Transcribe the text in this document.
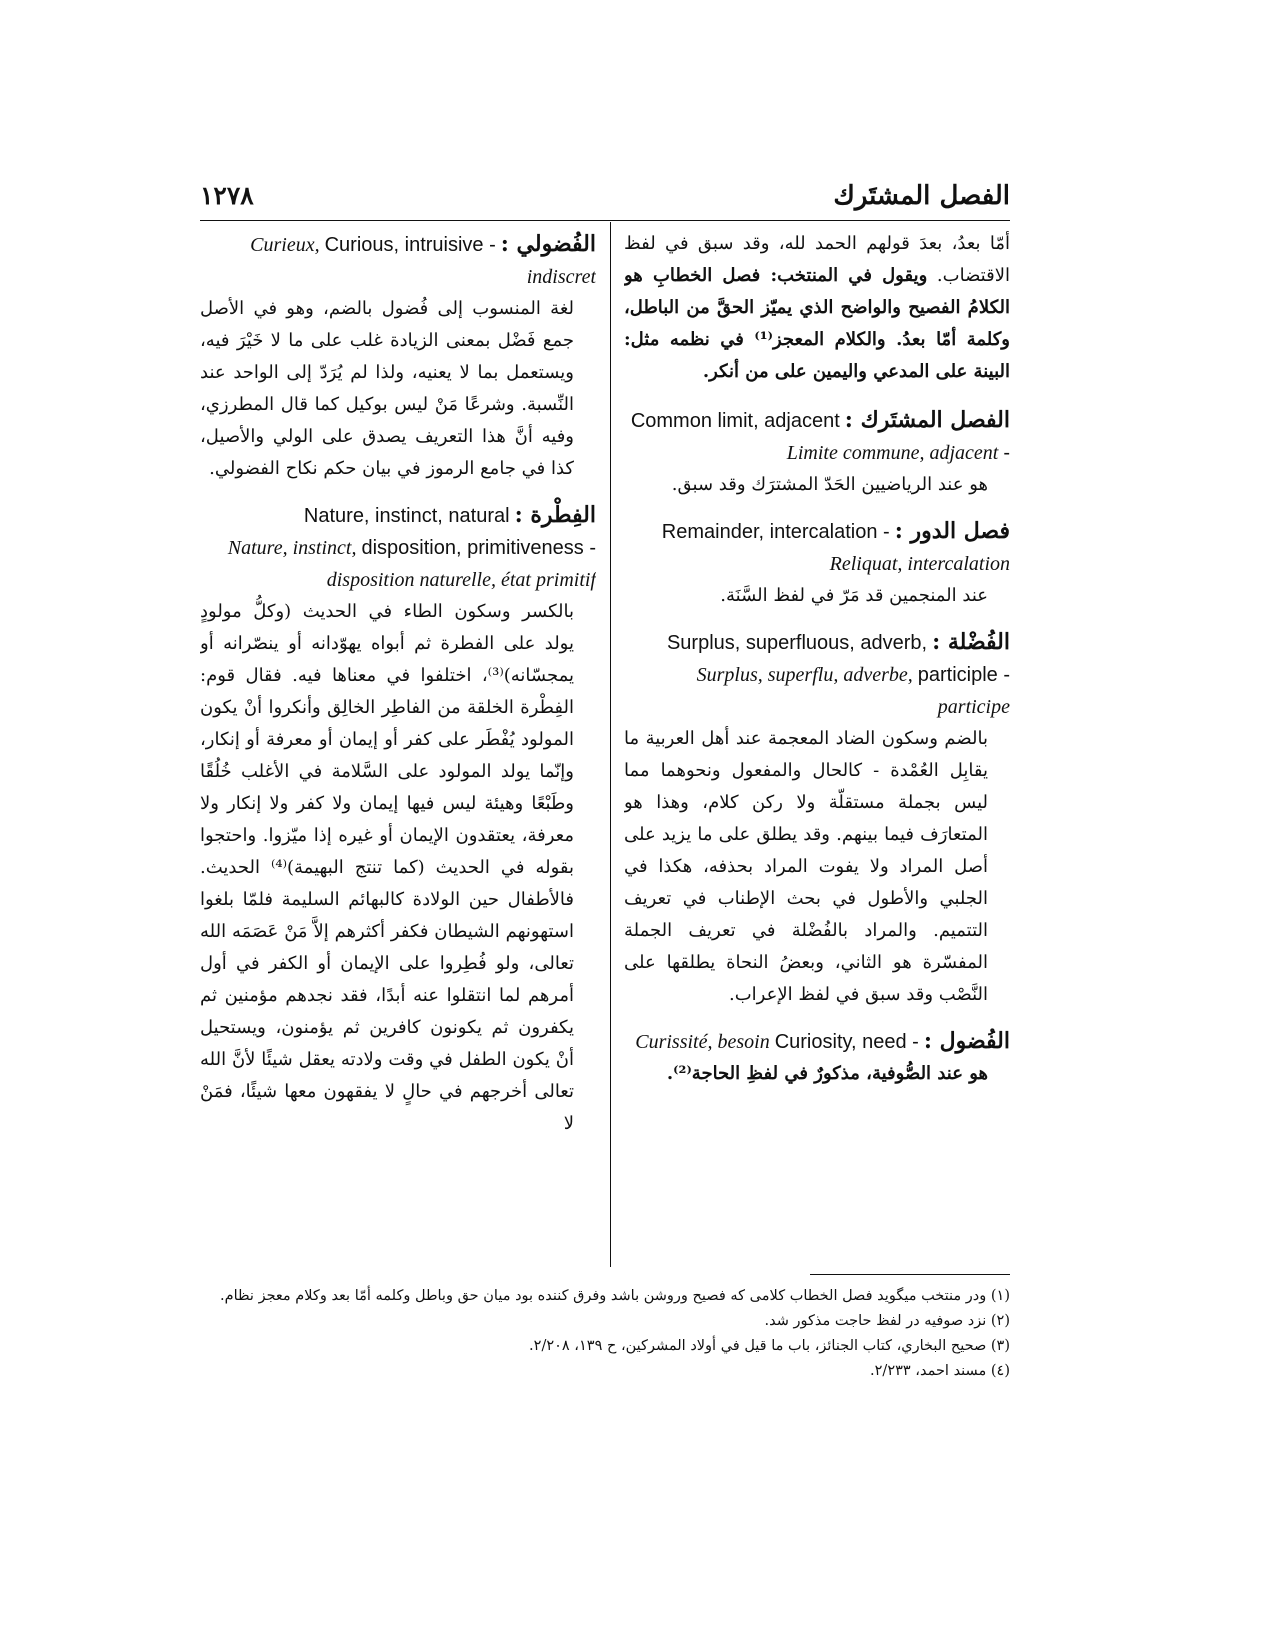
الفصل المشتَرك
١٢٧٨
أمّا بعدُ، بعدَ قولهم الحمد لله، وقد سبق في لفظ الاقتضاب. ويقول في المنتخب: فصل الخطابِ هو الكلامُ الفصيح والواضح الذي يميّز الحقَّ من الباطل، وكلمة أمّا بعدُ. والكلام المعجز⁽¹⁾ في نظمه مثل: البينة على المدعي واليمين على من أنكر.
الفصل المشتَرك : Common limit, adjacent - Limite commune, adjacent
هو عند الرياضيين الحَدّ المشترَك وقد سبق.
فصل الدور : Remainder, intercalation - Reliquat, intercalation
عند المنجمين قد مَرّ في لفظ السَّنَة.
الفُضْلة : Surplus, superfluous, adverb, participle - Surplus, superflu, adverbe, participe
بالضم وسكون الضاد المعجمة عند أهل العربية ما يقابِل العُمْدة - كالحال والمفعول ونحوهما مما ليس بجملة مستقلّة ولا ركن كلام، وهذا هو المتعارَف فيما بينهم. وقد يطلق على ما يزيد على أصل المراد ولا يفوت المراد بحذفه، هكذا في الجلبي والأطول في بحث الإطناب في تعريف التتميم. والمراد بالفُضْلة في تعريف الجملة المفسّرة هو الثاني، وبعضُ النحاة يطلقها على النَّصْب وقد سبق في لفظ الإعراب.
الفُضول : Curiosity, need - Curissité, besoin
هو عند الصُّوفية، مذكورٌ في لفظِ الحاجة⁽²⁾.
الفُضولي : Curious, intruisive - Curieux, indiscret
لغة المنسوب إلى فُضول بالضم، وهو في الأصل جمع فَضْل بمعنى الزيادة غلب على ما لا خَيْرَ فيه، ويستعمل بما لا يعنيه، ولذا لم يُرَدّ إلى الواحد عند النِّسبة. وشرعًا مَنْ ليس بوكيل كما قال المطرزي، وفيه أنَّ هذا التعريف يصدق على الولي والأصيل، كذا في جامع الرموز في بيان حكم نكاح الفضولي.
الفِطْرة : Nature, instinct, natural disposition, primitiveness - Nature, instinct, disposition naturelle, état primitif
بالكسر وسكون الطاء في الحديث (وكلُّ مولودٍ يولد على الفطرة ثم أبواه يهوّدانه أو ينصّرانه أو يمجسّانه)⁽³⁾، اختلفوا في معناها فيه. فقال قوم: الفِطْرة الخلقة من الفاطِر الخالِق وأنكروا أنْ يكون المولود يُفْطَر على كفر أو إيمان أو معرفة أو إنكار، وإنّما يولد المولود على السَّلامة في الأغلب خُلُقًا وطَبْعًا وهيئة ليس فيها إيمان ولا كفر ولا إنكار ولا معرفة، يعتقدون الإيمان أو غيره إذا ميّزوا. واحتجوا بقوله في الحديث (كما تنتج البهيمة)⁽⁴⁾ الحديث. فالأطفال حين الولادة كالبهائم السليمة فلمّا بلغوا استهونهم الشيطان فكفر أكثرهم إلاَّ مَنْ عَصَمَه الله تعالى، ولو فُطِروا على الإيمان أو الكفر في أول أمرهم لما انتقلوا عنه أبدًا، فقد نجدهم مؤمنين ثم يكفرون ثم يكونون كافرين ثم يؤمنون، ويستحيل أنْ يكون الطفل في وقت ولادته يعقل شيئًا لأنَّ الله تعالى أخرجهم في حالٍ لا يفقهون معها شيئًا، فمَنْ لا

(١) ودر منتخب ميگويد فصل الخطاب كلامى كه فصيح وروشن باشد وفرق كننده بود ميان حق وباطل وكلمه أمّا بعد وكلام معجز نظام.

(٢) نزد صوفيه در لفظ حاجت مذكور شد.

(٣) صحيح البخاري، كتاب الجنائز، باب ما قيل في أولاد المشركين، ح ١٣٩، ٢/٢٠٨.

(٤) مسند احمد، ٢/٢٣٣.
